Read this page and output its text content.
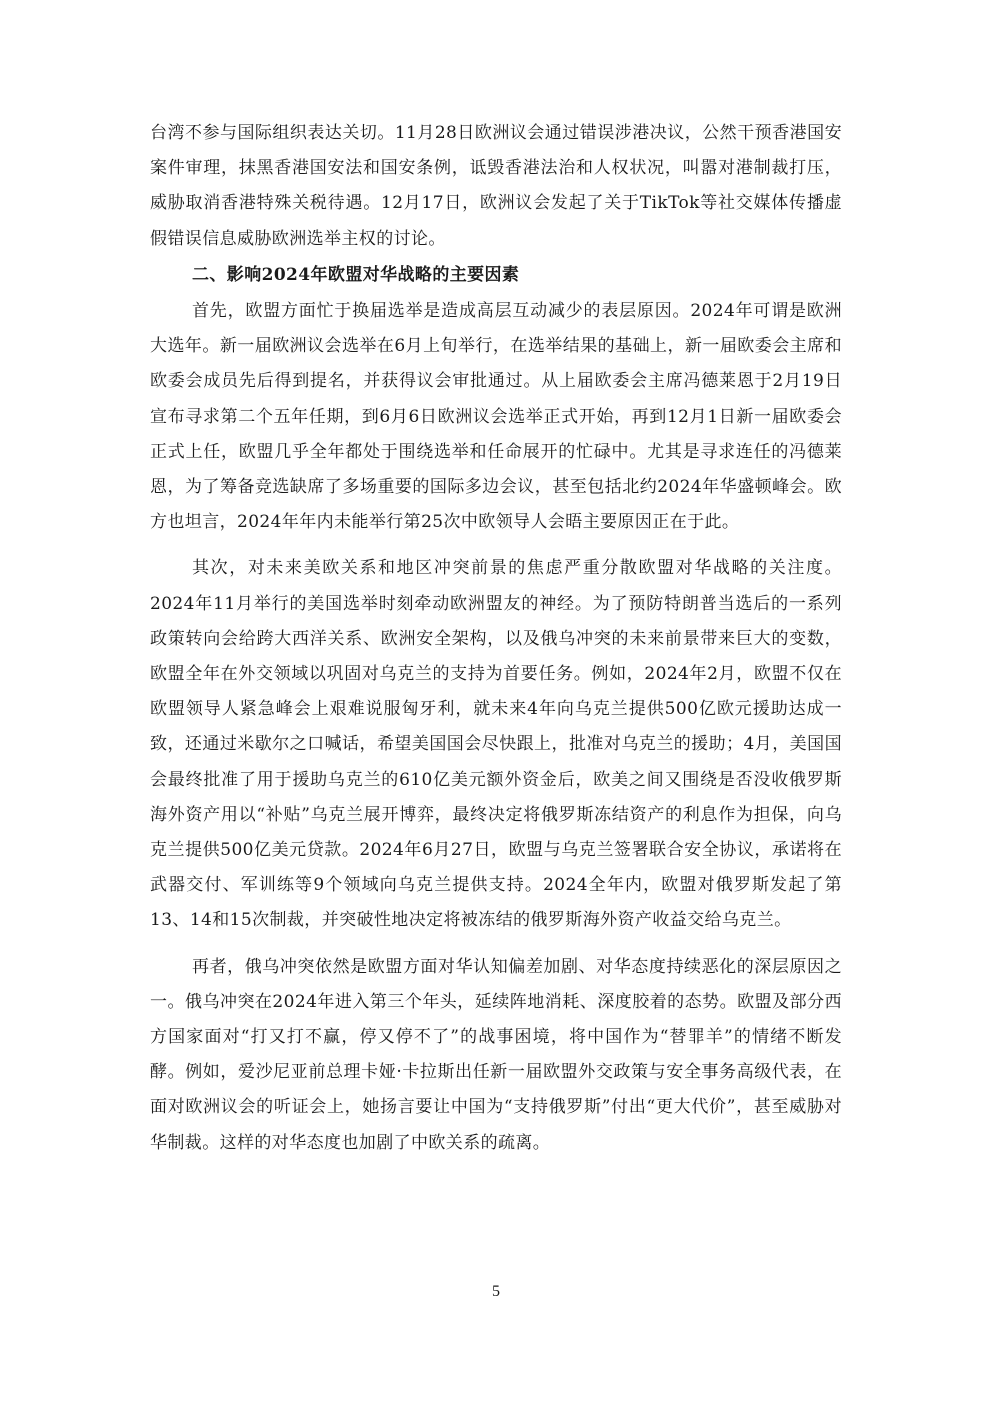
台湾不参与国际组织表达关切。11月28日欧洲议会通过错误涉港决议，公然干预香港国安案件审理，抹黑香港国安法和国安条例，诋毁香港法治和人权状况，叫嚣对港制裁打压，威胁取消香港特殊关税待遇。12月17日，欧洲议会发起了关于TikTok等社交媒体传播虚假错误信息威胁欧洲选举主权的讨论。

二、影响2024年欧盟对华战略的主要因素

首先，欧盟方面忙于换届选举是造成高层互动减少的表层原因。2024年可谓是欧洲大选年。新一届欧洲议会选举在6月上旬举行，在选举结果的基础上，新一届欧委会主席和欧委会成员先后得到提名，并获得议会审批通过。从上届欧委会主席冯德莱恩于2月19日宣布寻求第二个五年任期，到6月6日欧洲议会选举正式开始，再到12月1日新一届欧委会正式上任，欧盟几乎全年都处于围绕选举和任命展开的忙碌中。尤其是寻求连任的冯德莱恩，为了筹备竞选缺席了多场重要的国际多边会议，甚至包括北约2024年华盛顿峰会。欧方也坦言，2024年年内未能举行第25次中欧领导人会晤主要原因正在于此。

其次，对未来美欧关系和地区冲突前景的焦虑严重分散欧盟对华战略的关注度。2024年11月举行的美国选举时刻牵动欧洲盟友的神经。为了预防特朗普当选后的一系列政策转向会给跨大西洋关系、欧洲安全架构，以及俄乌冲突的未来前景带来巨大的变数，欧盟全年在外交领域以巩固对乌克兰的支持为首要任务。例如，2024年2月，欧盟不仅在欧盟领导人紧急峰会上艰难说服匈牙利，就未来4年向乌克兰提供500亿欧元援助达成一致，还通过米歇尔之口喊话，希望美国国会尽快跟上，批准对乌克兰的援助；4月，美国国会最终批准了用于援助乌克兰的610亿美元额外资金后，欧美之间又围绕是否没收俄罗斯海外资产用以“补贴”乌克兰展开博弈，最终决定将俄罗斯冻结资产的利息作为担保，向乌克兰提供500亿美元贷款。2024年6月27日，欧盟与乌克兰签署联合安全协议，承诺将在武器交付、军训练等9个领域向乌克兰提供支持。2024全年内，欧盟对俄罗斯发起了第13、14和15次制裁，并突破性地决定将被冻结的俄罗斯海外资产收益交给乌克兰。

再者，俄乌冲突依然是欧盟方面对华认知偏差加剧、对华态度持续恶化的深层原因之一。俄乌冲突在2024年进入第三个年头，延续阵地消耗、深度胶着的态势。欧盟及部分西方国家面对“打又打不赢，停又停不了”的战事困境，将中国作为“替罪羊”的情绪不断发酵。例如，爱沙尼亚前总理卡娅·卡拉斯出任新一届欧盟外交政策与安全事务高级代表，在面对欧洲议会的听证会上，她扬言要让中国为“支持俄罗斯”付出“更大代价”，甚至威胁对华制裁。这样的对华态度也加剧了中欧关系的疏离。

5
